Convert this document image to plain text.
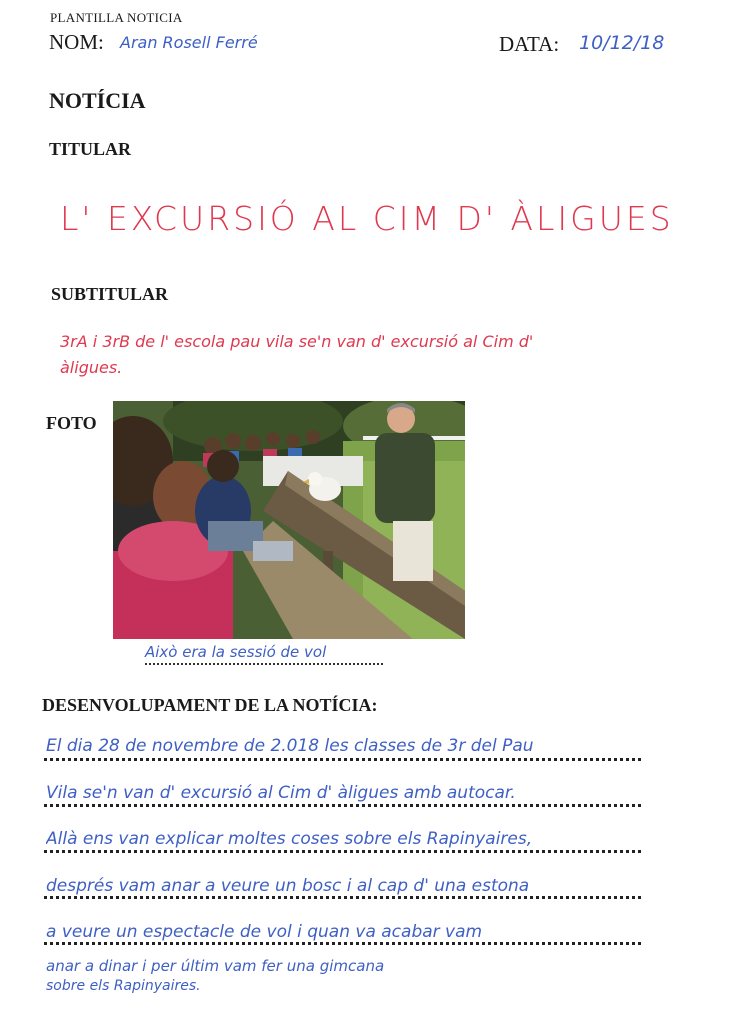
PLANTILLA NOTICIA
NOM: Aran Rosell Ferré	DATA: 10/12/18
NOTÍCIA
TITULAR
L' EXCURSIÓ AL CIM D' ÀLIGUES
SUBTITULAR
3rA i 3rB de l' escola pau vila se'n van d' excursió al Cim d'
àligues.
FOTO
Això era la sessió de vol
DESENVOLUPAMENT DE LA NOTÍCIA:
El dia 28 de novembre de 2.018 les classes de 3r del Pau
Vila se'n van d' excursió al Cim d' àligues amb autocar.
Allà ens van explicar moltes coses sobre els Rapinyaires,
després vam anar a veure un bosc i al cap d' una estona
a veure un espectacle de vol i quan va acabar vam
anar a dinar i per últim vam fer una gimcana
sobre els Rapinyaires.
